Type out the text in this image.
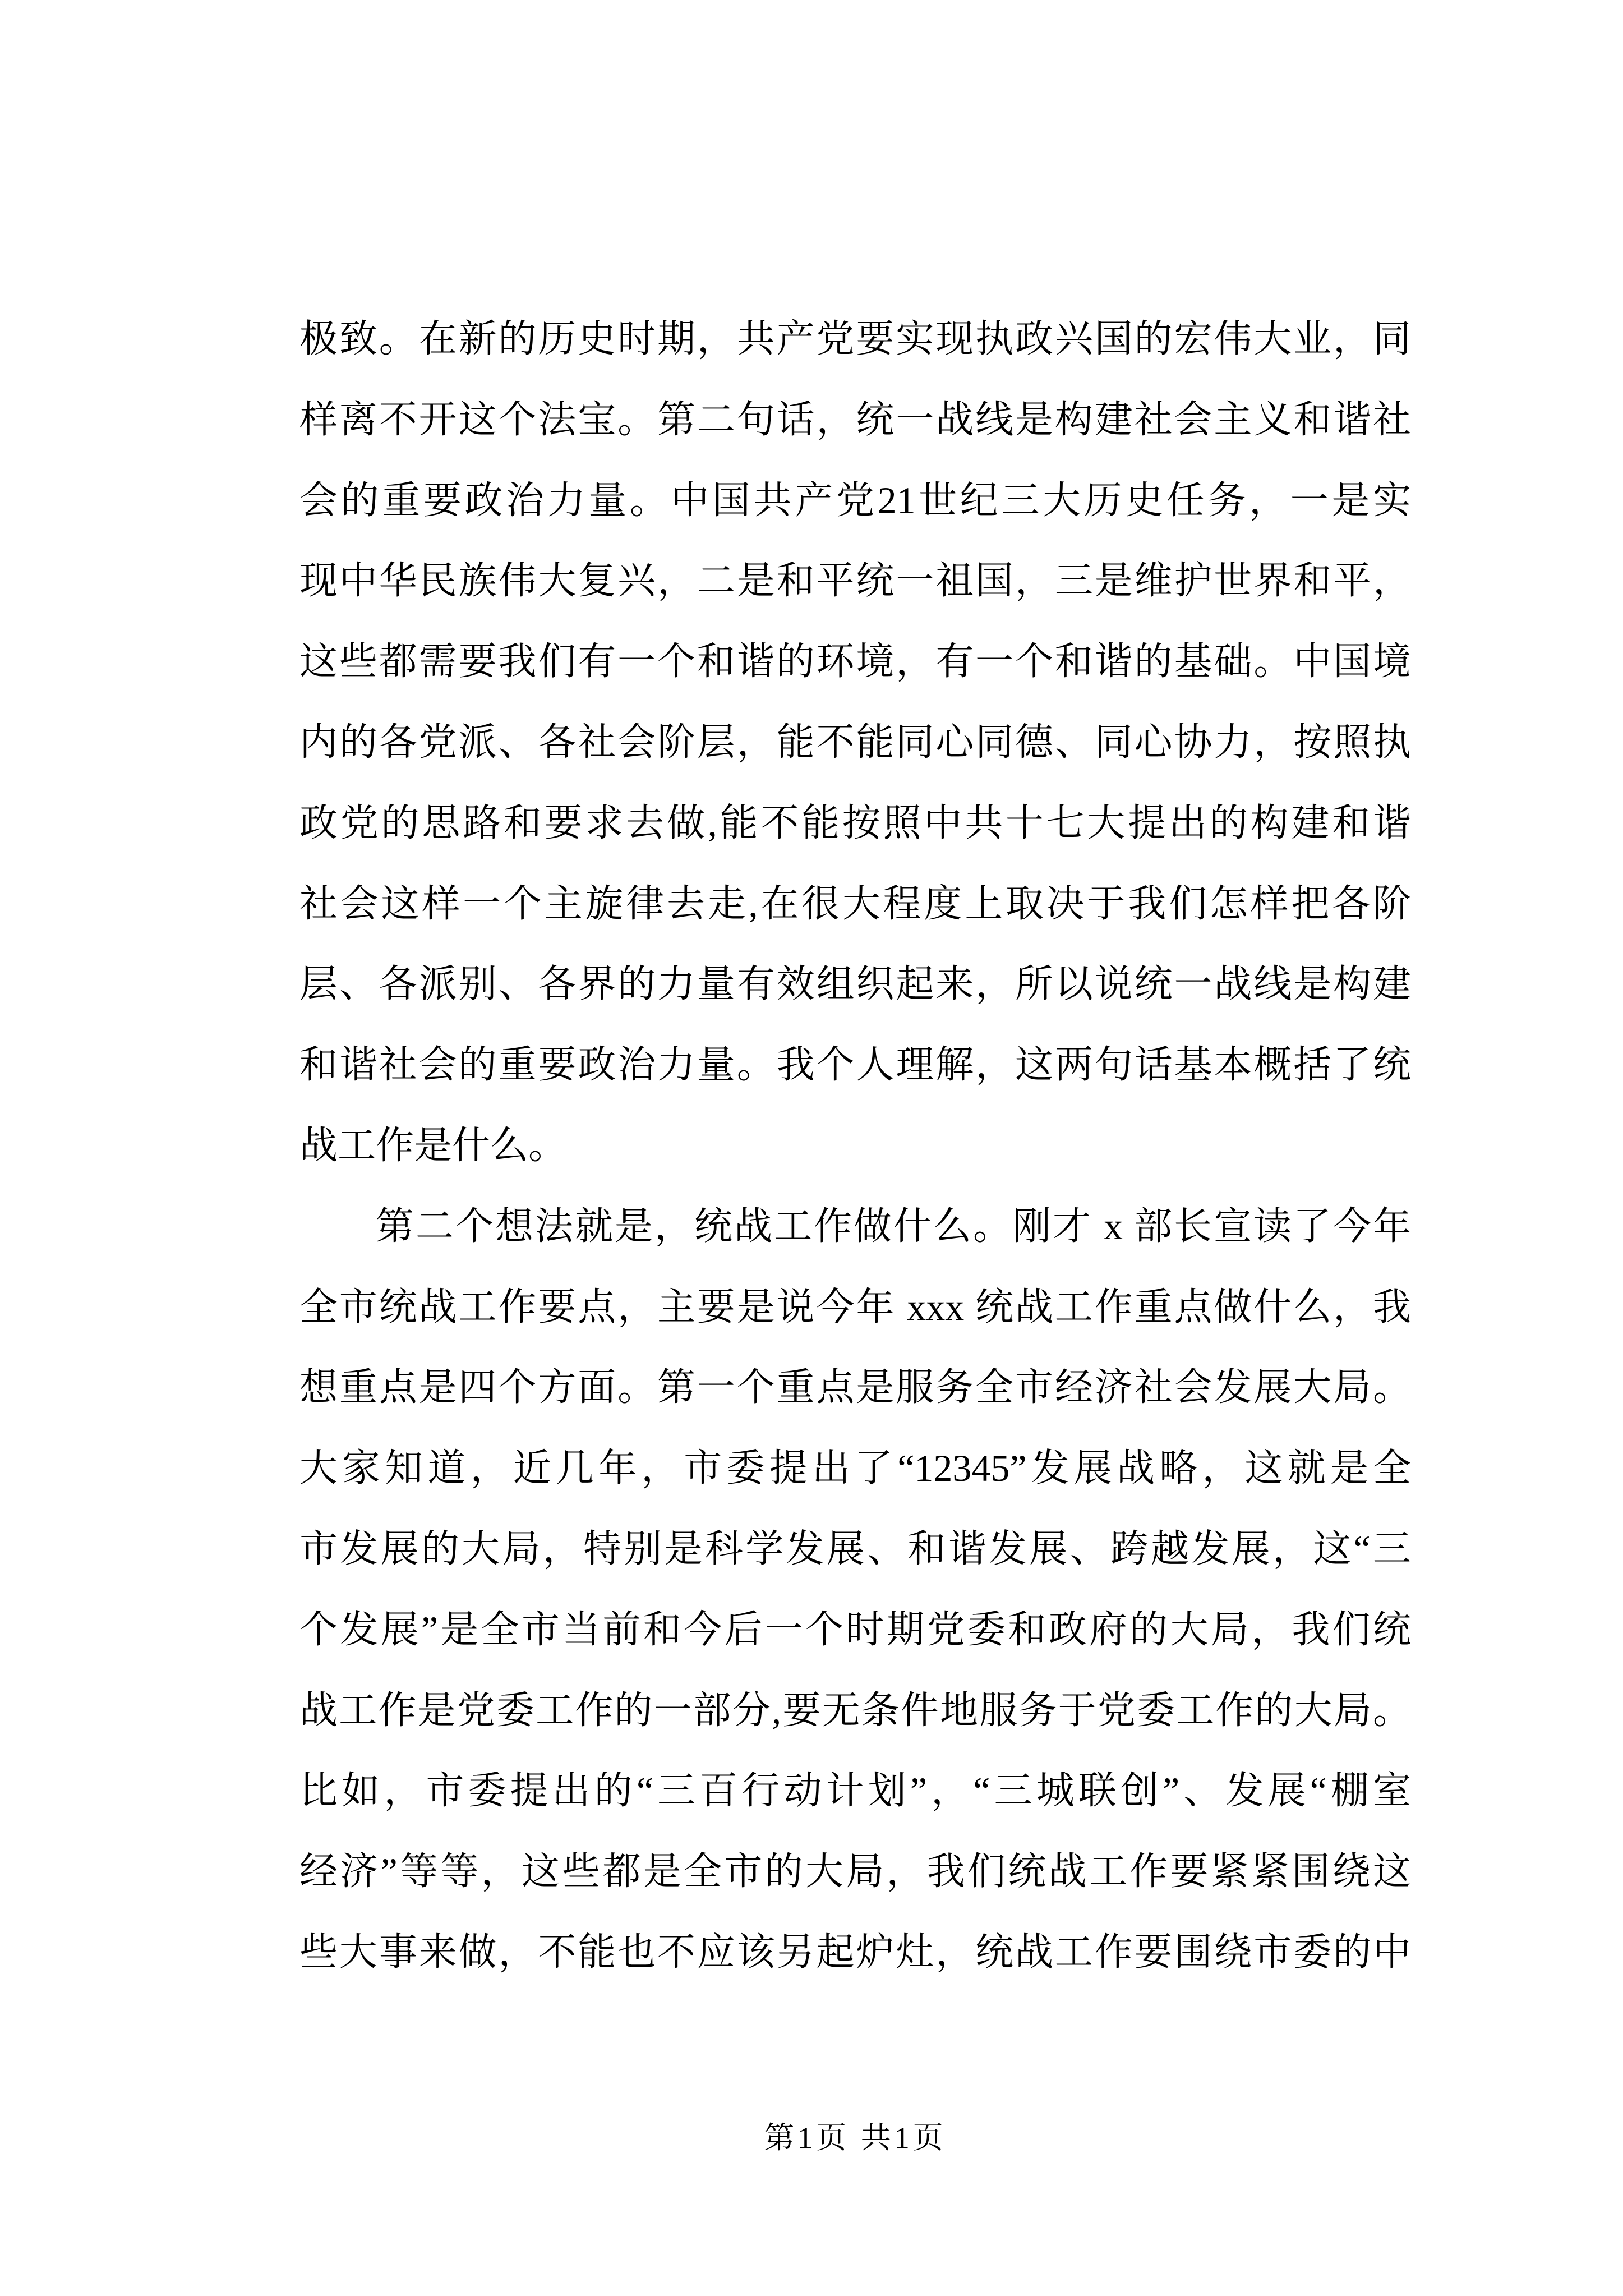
极致。在新的历史时期，共产党要实现执政兴国的宏伟大业，同
样离不开这个法宝。第二句话，统一战线是构建社会主义和谐社
会的重要政治力量。中国共产党21世纪三大历史任务，一是实
现中华民族伟大复兴，二是和平统一祖国，三是维护世界和平，
这些都需要我们有一个和谐的环境，有一个和谐的基础。中国境
内的各党派、各社会阶层，能不能同心同德、同心协力，按照执
政党的思路和要求去做,能不能按照中共十七大提出的构建和谐
社会这样一个主旋律去走,在很大程度上取决于我们怎样把各阶
层、各派别、各界的力量有效组织起来，所以说统一战线是构建
和谐社会的重要政治力量。我个人理解，这两句话基本概括了统
战工作是什么。
第二个想法就是，统战工作做什么。刚才 x 部长宣读了今年
全市统战工作要点，主要是说今年 xxx 统战工作重点做什么，我
想重点是四个方面。第一个重点是服务全市经济社会发展大局。
大家知道，近几年，市委提出了“12345”发展战略，这就是全
市发展的大局，特别是科学发展、和谐发展、跨越发展，这“三
个发展”是全市当前和今后一个时期党委和政府的大局，我们统
战工作是党委工作的一部分,要无条件地服务于党委工作的大局。
比如，市委提出的“三百行动计划”，“三城联创”、发展“棚室
经济”等等，这些都是全市的大局，我们统战工作要紧紧围绕这
些大事来做，不能也不应该另起炉灶，统战工作要围绕市委的中
第1页 共1页
